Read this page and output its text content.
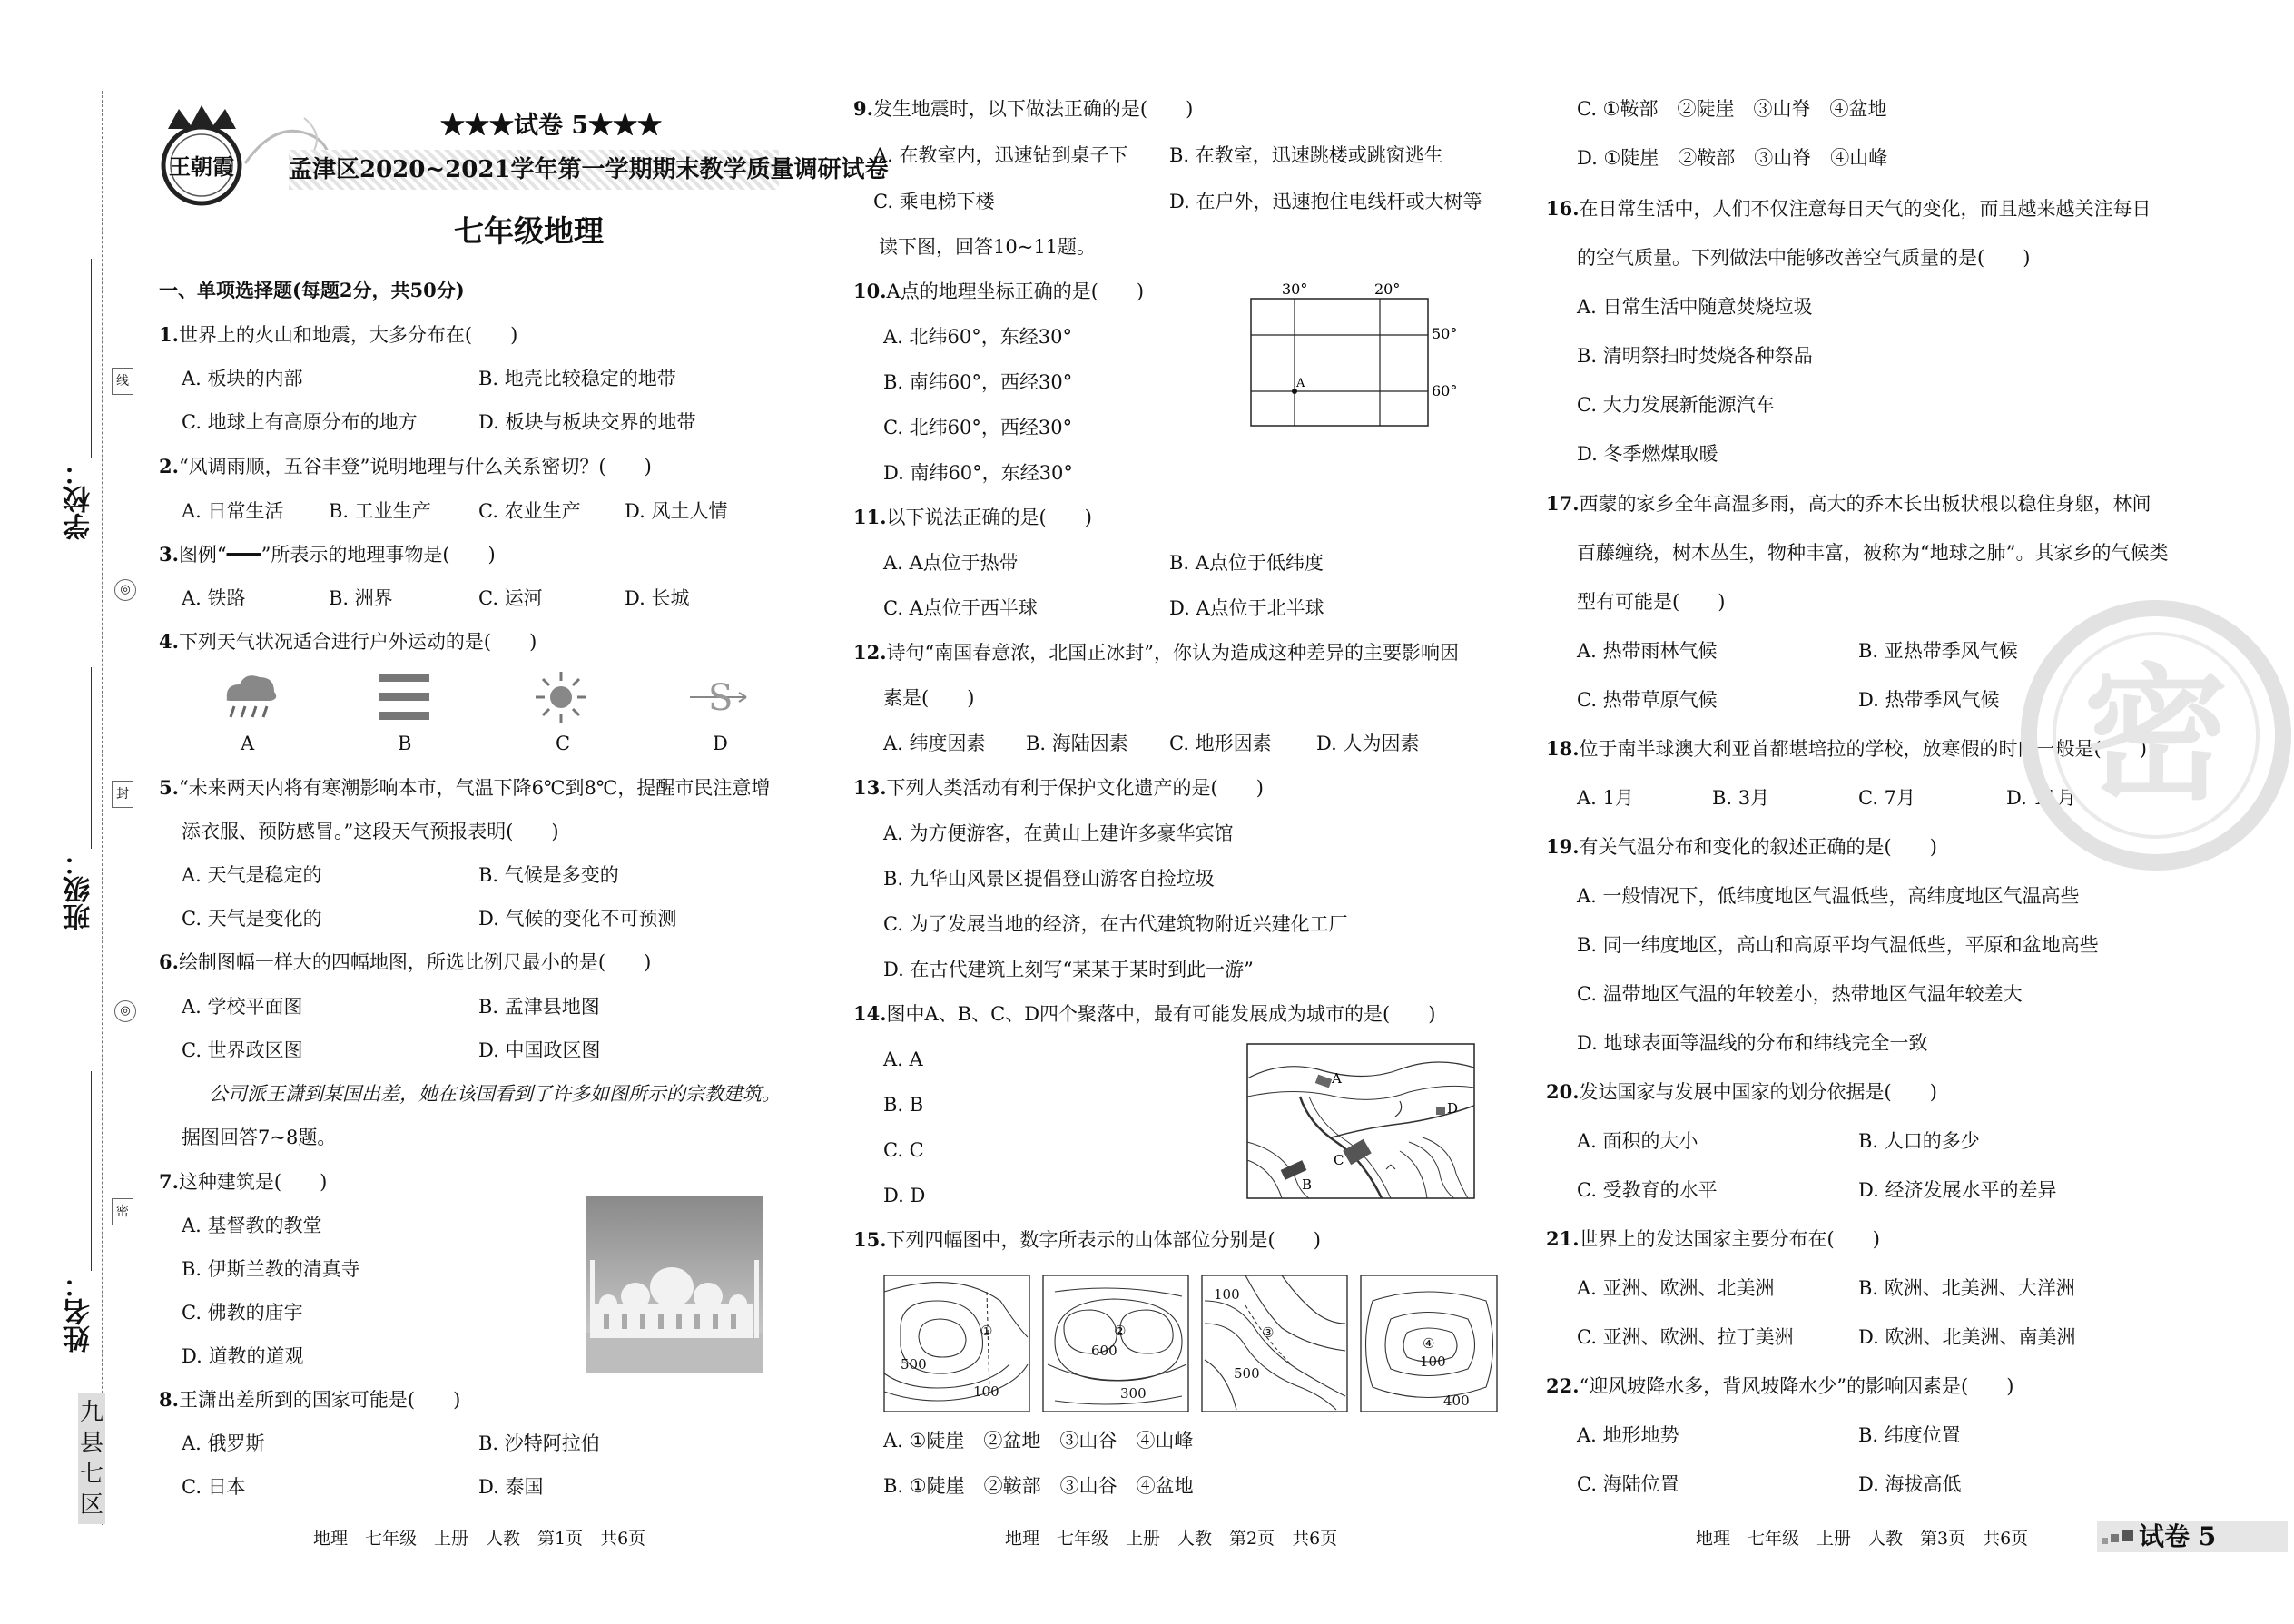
学校：
班级：
姓名：
线
封
密
◎
◎
九
县
七
区
王朝霞
★★★试卷 5★★★
孟津区2020~2021学年第一学期期末教学质量调研试卷
七年级地理
一、单项选择题(每题2分，共50分)
1.世界上的火山和地震，大多分布在(　　)
A. 板块的内部	B. 地壳比较稳定的地带
C. 地球上有高原分布的地方	D. 板块与板块交界的地带
2.“风调雨顺，五谷丰登”说明地理与什么关系密切？(　　)
A. 日常生活 B. 工业生产 C. 农业生产 D. 风土人情
3.图例“━━━”所表示的地理事物是(　　)
A. 铁路	B. 洲界	C. 运河	D. 长城
4.下列天气状况适合进行户外运动的是(　　)
S
A	B	C	D
5.“未来两天内将有寒潮影响本市，气温下降6℃到8℃，提醒市民注意增
添衣服、预防感冒。”这段天气预报表明(　　)
A. 天气是稳定的	B. 气候是多变的
C. 天气是变化的	D. 气候的变化不可预测
6.绘制图幅一样大的四幅地图，所选比例尺最小的是(　　)
A. 学校平面图	B. 孟津县地图
C. 世界政区图	D. 中国政区图
公司派王潇到某国出差，她在该国看到了许多如图所示的宗教建筑。
据图回答7~8题。
7.这种建筑是(　　)
A. 基督教的教堂
B. 伊斯兰教的清真寺
C. 佛教的庙宇
D. 道教的道观
8.王潇出差所到的国家可能是(　　)
A. 俄罗斯	B. 沙特阿拉伯
C. 日本	D. 泰国
9.发生地震时，以下做法正确的是(　　)
A. 在教室内，迅速钻到桌子下 B. 在教室，迅速跳楼或跳窗逃生
C. 乘电梯下楼	D. 在户外，迅速抱住电线杆或大树等
读下图，回答10~11题。
10.A点的地理坐标正确的是(　　)
A. 北纬60°，东经30°
B. 南纬60°，西经30°
C. 北纬60°，西经30°
D. 南纬60°，东经30°
30°	20°
50°
60°
A
11.以下说法正确的是(　　)
A. A点位于热带	B. A点位于低纬度
C. A点位于西半球	D. A点位于北半球
12.诗句“南国春意浓，北国正冰封”，你认为造成这种差异的主要影响因
素是(　　)
A. 纬度因素 B. 海陆因素 C. 地形因素 D. 人为因素
13.下列人类活动有利于保护文化遗产的是(　　)
A. 为方便游客，在黄山上建许多豪华宾馆
B. 九华山风景区提倡登山游客自捡垃圾
C. 为了发展当地的经济，在古代建筑物附近兴建化工厂
D. 在古代建筑上刻写“某某于某时到此一游”
14.图中A、B、C、D四个聚落中，最有可能发展成为城市的是(　　)
A. A
B. B
C. C
D. D
A
B
C
D
15.下列四幅图中，数字所表示的山体部位分别是(　　)
①	②	③
④
500
100
600
300
100
500
100
400
A. ①陡崖　②盆地　③山谷　④山峰
B. ①陡崖　②鞍部　③山谷　④盆地
C. ①鞍部　②陡崖　③山脊　④盆地
D. ①陡崖　②鞍部　③山脊　④山峰
16.在日常生活中，人们不仅注意每日天气的变化，而且越来越关注每日
的空气质量。下列做法中能够改善空气质量的是(　　)
A. 日常生活中随意焚烧垃圾
B. 清明祭扫时焚烧各种祭品
C. 大力发展新能源汽车
D. 冬季燃煤取暖
17.西蒙的家乡全年高温多雨，高大的乔木长出板状根以稳住身躯，林间
百藤缠绕，树木丛生，物种丰富，被称为“地球之肺”。其家乡的气候类
型有可能是(　　)
A. 热带雨林气候	B. 亚热带季风气候
C. 热带草原气候	D. 热带季风气候
18.位于南半球澳大利亚首都堪培拉的学校，放寒假的时间一般是(　　)
A. 1月	B. 3月	C. 7月	D. 11月
19.有关气温分布和变化的叙述正确的是(　　)
A. 一般情况下，低纬度地区气温低些，高纬度地区气温高些
B. 同一纬度地区，高山和高原平均气温低些，平原和盆地高些
C. 温带地区气温的年较差小，热带地区气温年较差大
D. 地球表面等温线的分布和纬线完全一致
20.发达国家与发展中国家的划分依据是(　　)
A. 面积的大小	B. 人口的多少
C. 受教育的水平	D. 经济发展水平的差异
21.世界上的发达国家主要分布在(　　)
A. 亚洲、欧洲、北美洲	B. 欧洲、北美洲、大洋洲
C. 亚洲、欧洲、拉丁美洲	D. 欧洲、北美洲、南美洲
22.“迎风坡降水多，背风坡降水少”的影响因素是(　　)
A. 地形地势	B. 纬度位置
C. 海陆位置	D. 海拔高低
密
地理　七年级　上册　人教　第1页　共6页	地理　七年级　上册　人教　第2页　共6页	地理　七年级　上册　人教　第3页　共6页	试卷 5
